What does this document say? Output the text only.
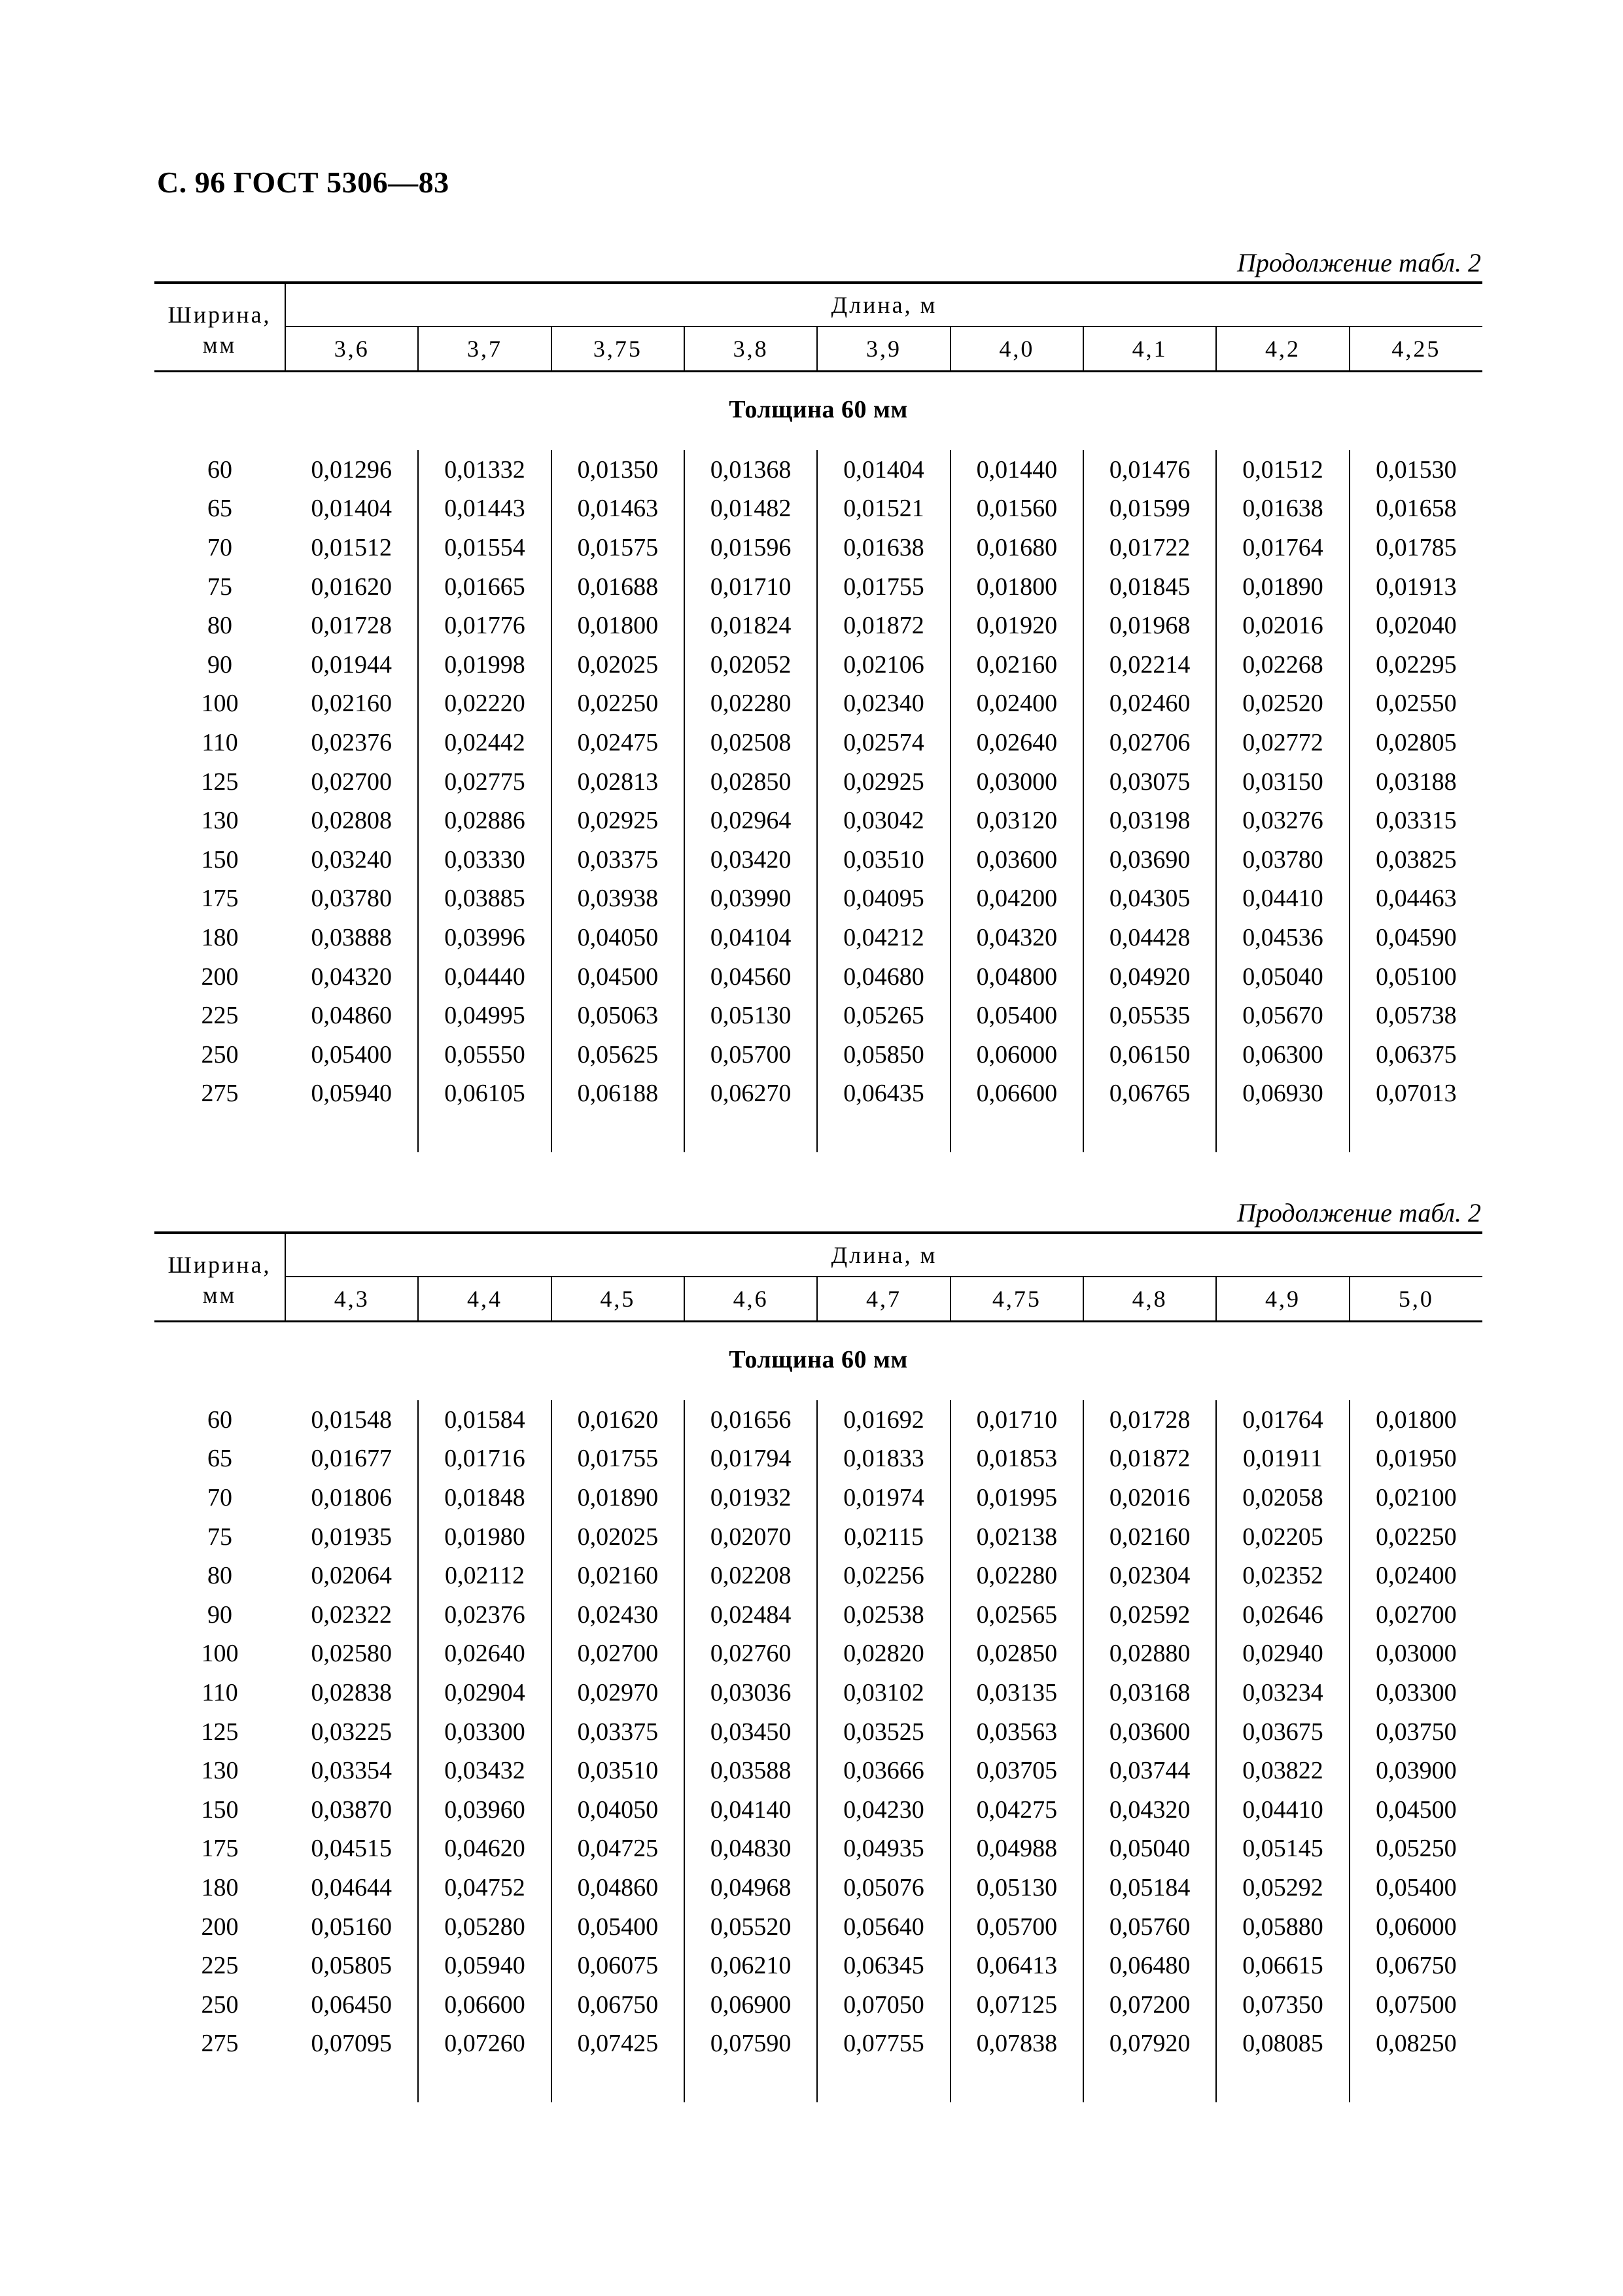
С. 96 ГОСТ 5306—83
Продолжение табл. 2
Ширина,
мм	Длина, м								
	3,6	3,7	3,75	3,8	3,9	4,0	4,1	4,2	4,25
Толщина 60 мм									
60	0,01296	0,01332	0,01350	0,01368	0,01404	0,01440	0,01476	0,01512	0,01530
65	0,01404	0,01443	0,01463	0,01482	0,01521	0,01560	0,01599	0,01638	0,01658
70	0,01512	0,01554	0,01575	0,01596	0,01638	0,01680	0,01722	0,01764	0,01785
75	0,01620	0,01665	0,01688	0,01710	0,01755	0,01800	0,01845	0,01890	0,01913
80	0,01728	0,01776	0,01800	0,01824	0,01872	0,01920	0,01968	0,02016	0,02040
90	0,01944	0,01998	0,02025	0,02052	0,02106	0,02160	0,02214	0,02268	0,02295
100	0,02160	0,02220	0,02250	0,02280	0,02340	0,02400	0,02460	0,02520	0,02550
110	0,02376	0,02442	0,02475	0,02508	0,02574	0,02640	0,02706	0,02772	0,02805
125	0,02700	0,02775	0,02813	0,02850	0,02925	0,03000	0,03075	0,03150	0,03188
130	0,02808	0,02886	0,02925	0,02964	0,03042	0,03120	0,03198	0,03276	0,03315
150	0,03240	0,03330	0,03375	0,03420	0,03510	0,03600	0,03690	0,03780	0,03825
175	0,03780	0,03885	0,03938	0,03990	0,04095	0,04200	0,04305	0,04410	0,04463
180	0,03888	0,03996	0,04050	0,04104	0,04212	0,04320	0,04428	0,04536	0,04590
200	0,04320	0,04440	0,04500	0,04560	0,04680	0,04800	0,04920	0,05040	0,05100
225	0,04860	0,04995	0,05063	0,05130	0,05265	0,05400	0,05535	0,05670	0,05738
250	0,05400	0,05550	0,05625	0,05700	0,05850	0,06000	0,06150	0,06300	0,06375
275	0,05940	0,06105	0,06188	0,06270	0,06435	0,06600	0,06765	0,06930	0,07013

Продолжение табл. 2
Ширина,
мм	Длина, м								
	4,3	4,4	4,5	4,6	4,7	4,75	4,8	4,9	5,0
Толщина 60 мм									
60	0,01548	0,01584	0,01620	0,01656	0,01692	0,01710	0,01728	0,01764	0,01800
65	0,01677	0,01716	0,01755	0,01794	0,01833	0,01853	0,01872	0,01911	0,01950
70	0,01806	0,01848	0,01890	0,01932	0,01974	0,01995	0,02016	0,02058	0,02100
75	0,01935	0,01980	0,02025	0,02070	0,02115	0,02138	0,02160	0,02205	0,02250
80	0,02064	0,02112	0,02160	0,02208	0,02256	0,02280	0,02304	0,02352	0,02400
90	0,02322	0,02376	0,02430	0,02484	0,02538	0,02565	0,02592	0,02646	0,02700
100	0,02580	0,02640	0,02700	0,02760	0,02820	0,02850	0,02880	0,02940	0,03000
110	0,02838	0,02904	0,02970	0,03036	0,03102	0,03135	0,03168	0,03234	0,03300
125	0,03225	0,03300	0,03375	0,03450	0,03525	0,03563	0,03600	0,03675	0,03750
130	0,03354	0,03432	0,03510	0,03588	0,03666	0,03705	0,03744	0,03822	0,03900
150	0,03870	0,03960	0,04050	0,04140	0,04230	0,04275	0,04320	0,04410	0,04500
175	0,04515	0,04620	0,04725	0,04830	0,04935	0,04988	0,05040	0,05145	0,05250
180	0,04644	0,04752	0,04860	0,04968	0,05076	0,05130	0,05184	0,05292	0,05400
200	0,05160	0,05280	0,05400	0,05520	0,05640	0,05700	0,05760	0,05880	0,06000
225	0,05805	0,05940	0,06075	0,06210	0,06345	0,06413	0,06480	0,06615	0,06750
250	0,06450	0,06600	0,06750	0,06900	0,07050	0,07125	0,07200	0,07350	0,07500
275	0,07095	0,07260	0,07425	0,07590	0,07755	0,07838	0,07920	0,08085	0,08250
